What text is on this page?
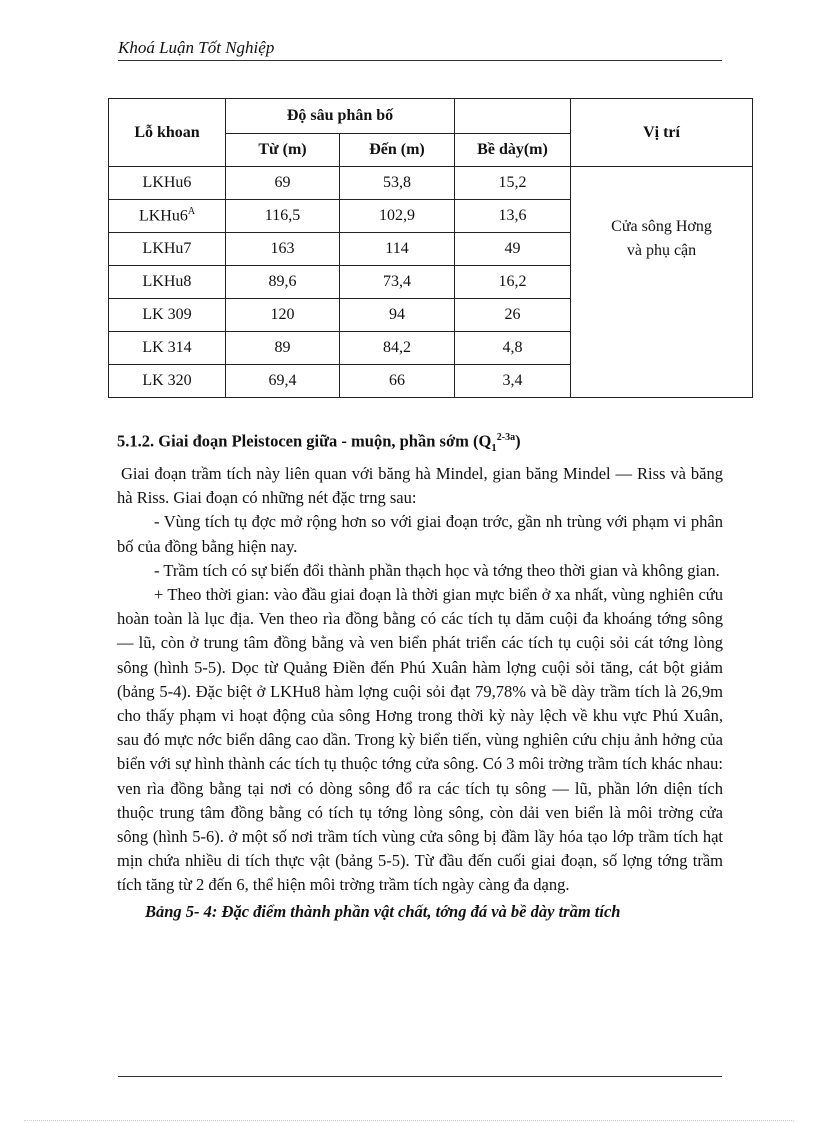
Khoá Luận Tốt Nghiệp
Lỗ khoan	Độ sâu phân bố			Vị trí
	Từ (m)	Đến (m)	Bề dày(m)	
LKHu6	69	53,8	15,2	Cửa sông Hơng và phụ cận

$LKHu6^A$	116,5	102,9	13,6	
LKHu7	163	114	49	
LKHu8	89,6	73,4	16,2	
LK 309	120	94	26	
LK 314	89	84,2	4,8	
LK 320	69,4	66	3,4	

5.1.2. Giai đoạn Pleistocen giữa - muộn, phần sớm $(Q_1^{2-3a})$

Giai đoạn trầm tích này liên quan với băng hà Mindel, gian băng Mindel — Riss và băng hà Riss. Giai đoạn có những nét đặc trng sau:

- Vùng tích tụ đợc mở rộng hơn so với giai đoạn trớc, gần nh trùng với phạm vi phân bố của đồng bằng hiện nay.

- Trầm tích có sự biến đổi thành phần thạch học và tớng theo thời gian và không gian.

+ Theo thời gian: vào đầu giai đoạn là thời gian mực biển ở xa nhất, vùng nghiên cứu hoàn toàn là lục địa. Ven theo rìa đồng bằng có các tích tụ dăm cuội đa khoáng tớng sông — lũ, còn ở trung tâm đồng bằng và ven biển phát triển các tích tụ cuội sỏi cát tớng lòng sông (hình 5-5). Dọc từ Quảng Điền đến Phú Xuân hàm lợng cuội sỏi tăng, cát bột giảm (bảng 5-4). Đặc biệt ở LKHu8 hàm lợng cuội sỏi đạt 79,78% và bề dày trầm tích là 26,9m cho thấy phạm vi hoạt động của sông Hơng trong thời kỳ này lệch về khu vực Phú Xuân, sau đó mực nớc biển dâng cao dần. Trong kỳ biển tiến, vùng nghiên cứu chịu ảnh hởng của biển với sự hình thành các tích tụ thuộc tớng cửa sông. Có 3 môi trờng trầm tích khác nhau: ven rìa đồng bằng tại nơi có dòng sông đổ ra các tích tụ sông — lũ, phần lớn diện tích thuộc trung tâm đồng bằng có tích tụ tớng lòng sông, còn dải ven biển là môi trờng cửa sông (hình 5-6). ở một số nơi trầm tích vùng cửa sông bị đầm lầy hóa tạo lớp trầm tích hạt mịn chứa nhiều di tích thực vật (bảng 5-5). Từ đầu đến cuối giai đoạn, số lợng tớng trầm tích tăng từ 2 đến 6, thể hiện môi trờng trầm tích ngày càng đa dạng.

Bảng 5- 4: Đặc điểm thành phần vật chất, tớng đá và bề dày trầm tích
